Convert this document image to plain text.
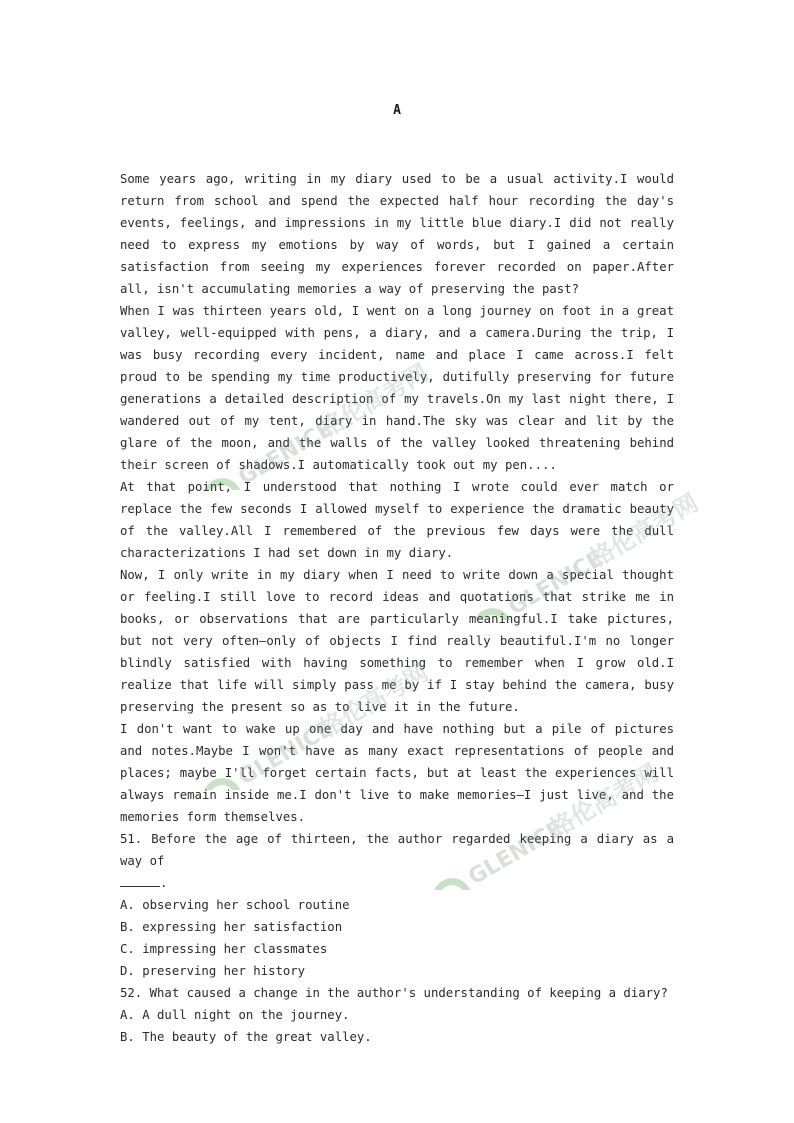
A

Some years ago, writing in my diary used to be a usual activity.I would return from school and spend the expected half hour recording the day's events, feelings, and impressions in my little blue diary.I did not really need to express my emotions by way of words, but I gained a certain satisfaction from seeing my experiences forever recorded on paper.After all, isn't accumulating memories a way of preserving the past?

When I was thirteen years old, I went on a long journey on foot in a great valley, well-equipped with pens, a diary, and a camera.During the trip, I was busy recording every incident, name and place I came across.I felt proud to be spending my time productively, dutifully preserving for future generations a detailed description of my travels.On my last night there, I wandered out of my tent, diary in hand.The sky was clear and lit by the glare of the moon, and the walls of the valley looked threatening behind their screen of shadows.I automatically took out my pen....

At that point, I understood that nothing I wrote could ever match or replace the few seconds I allowed myself to experience the dramatic beauty of the valley.All I remembered of the previous few days were the dull characterizations I had set down in my diary.

Now, I only write in my diary when I need to write down a special thought or feeling.I still love to record ideas and quotations that strike me in books, or observations that are particularly meaningful.I take pictures, but not very often—only of objects I find really beautiful.I'm no longer blindly satisfied with having something to remember when I grow old.I realize that life will simply pass me by if I stay behind the camera, busy preserving the present so as to live it in the future.

I don't want to wake up one day and have nothing but a pile of pictures and notes.Maybe I won't have as many exact representations of people and places; maybe I'll forget certain facts, but at least the experiences will always remain inside me.I don't live to make memories—I just live, and the memories form themselves.

51. Before the age of thirteen, the author regarded keeping a diary as a way of

.

A. observing her school routine

B. expressing her satisfaction

C. impressing her classmates

D. preserving her history

52. What caused a change in the author's understanding of keeping a diary?

A. A dull night on the journey.

B. The beauty of the great valley.

GLENICE
格伦高考网
GLENICE
格伦高考网
GLENICE
格伦高考网
GLENICE
格伦高考网
